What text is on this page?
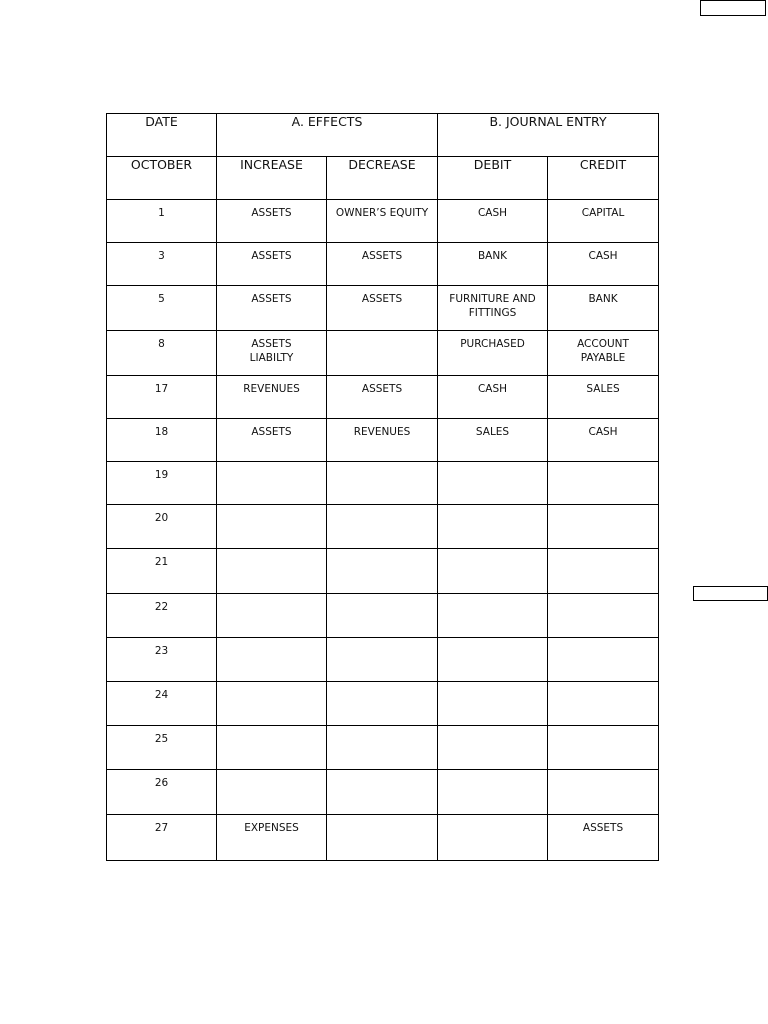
DATE	A. EFFECTS		B. JOURNAL ENTRY	

OCTOBER	INCREASE	DECREASE	DEBIT	CREDIT

1	ASSETS	OWNER’S EQUITY	CASH	CAPITAL

3	ASSETS	ASSETS	BANK	CASH

5	ASSETS	ASSETS	FURNITURE AND FITTINGS	BANK

8	ASSETS LIABILTY		PURCHASED	ACCOUNT PAYABLE

17	REVENUES	ASSETS	CASH	SALES

18	ASSETS	REVENUES	SALES	CASH

19				

20				

21				

22				

23				

24				

25				

26				

27	EXPENSES			ASSETS
